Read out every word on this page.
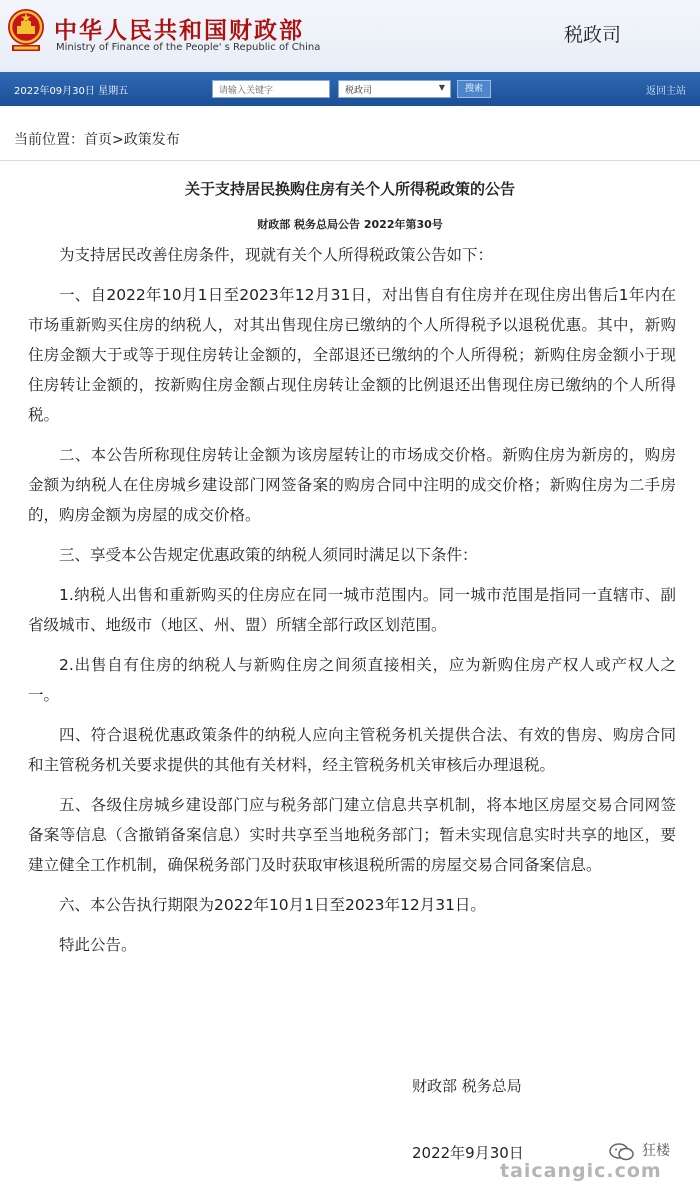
中华人民共和国财政部
Ministry of Finance of the People' s Republic of China
税政司
2022年09月30日 星期五	请输入关键字	税政司	▼	搜索	返回主站
当前位置：首页>政策发布
关于支持居民换购住房有关个人所得税政策的公告
财政部 税务总局公告 2022年第30号

为支持居民改善住房条件，现就有关个人所得税政策公告如下：

一、自2022年10月1日至2023年12月31日，对出售自有住房并在现住房出售后1年内在市场重新购买住房的纳税人，对其出售现住房已缴纳的个人所得税予以退税优惠。其中，新购住房金额大于或等于现住房转让金额的，全部退还已缴纳的个人所得税；新购住房金额小于现住房转让金额的，按新购住房金额占现住房转让金额的比例退还出售现住房已缴纳的个人所得税。

二、本公告所称现住房转让金额为该房屋转让的市场成交价格。新购住房为新房的，购房金额为纳税人在住房城乡建设部门网签备案的购房合同中注明的成交价格；新购住房为二手房的，购房金额为房屋的成交价格。

三、享受本公告规定优惠政策的纳税人须同时满足以下条件：

1.纳税人出售和重新购买的住房应在同一城市范围内。同一城市范围是指同一直辖市、副省级城市、地级市（地区、州、盟）所辖全部行政区划范围。

2.出售自有住房的纳税人与新购住房之间须直接相关，应为新购住房产权人或产权人之一。

四、符合退税优惠政策条件的纳税人应向主管税务机关提供合法、有效的售房、购房合同和主管税务机关要求提供的其他有关材料，经主管税务机关审核后办理退税。

五、各级住房城乡建设部门应与税务部门建立信息共享机制，将本地区房屋交易合同网签备案等信息（含撤销备案信息）实时共享至当地税务部门；暂未实现信息实时共享的地区，要建立健全工作机制，确保税务部门及时获取审核退税所需的房屋交易合同备案信息。

六、本公告执行期限为2022年10月1日至2023年12月31日。

特此公告。

财政部 税务总局
2022年9月30日	狂楼
taicangic.com
